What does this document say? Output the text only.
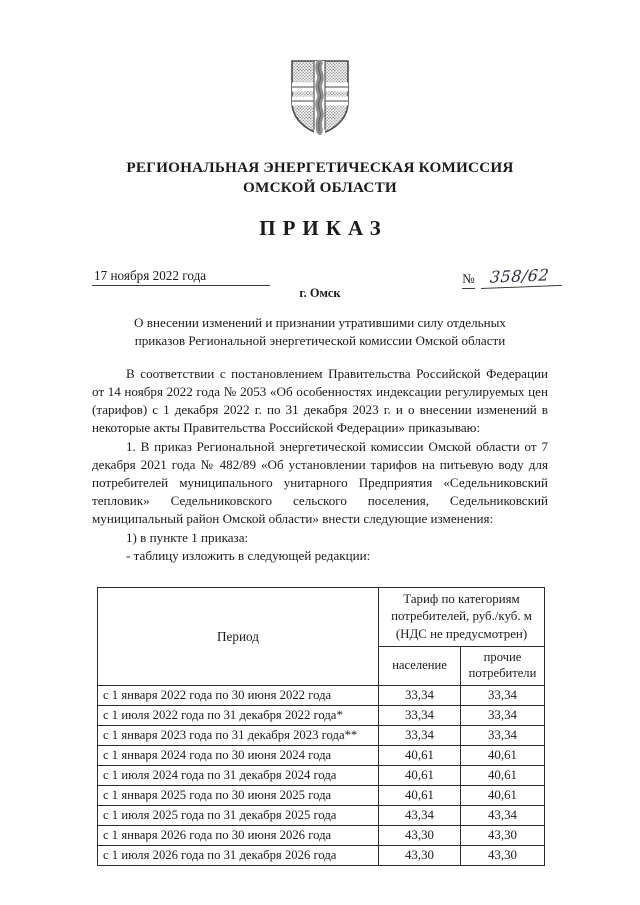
РЕГИОНАЛЬНАЯ ЭНЕРГЕТИЧЕСКАЯ КОМИССИЯ
ОМСКОЙ ОБЛАСТИ
ПРИКАЗ
17 ноября 2022 года
г. Омск
№ 358/62

О внесении изменений и признании утратившими силу отдельных
приказов Региональной энергетической комиссии Омской области

В соответствии с постановлением Правительства Российской Федерации от 14 ноября 2022 года № 2053 «Об особенностях индексации регулируемых цен (тарифов) с 1 декабря 2022 г. по 31 декабря 2023 г. и о внесении изменений в некоторые акты Правительства Российской Федерации» приказываю:

1. В приказ Региональной энергетической комиссии Омской области от 7 декабря 2021 года № 482/89 «Об установлении тарифов на питьевую воду для потребителей муниципального унитарного Предприятия «Седельниковский тепловик» Седельниковского сельского поселения, Седельниковский муниципальный район Омской области» внести следующие изменения:

1) в пункте 1 приказа:

- таблицу изложить в следующей редакции:

Период	Тариф по категориям
потребителей, руб./куб. м
(НДС не предусмотрен)	
	население	прочие
потребители
с 1 января 2022 года по 30 июня 2022 года	33,34	33,34
с 1 июля 2022 года по 31 декабря 2022 года*	33,34	33,34
с 1 января 2023 года по 31 декабря 2023 года**	33,34	33,34
с 1 января 2024 года по 30 июня 2024 года	40,61	40,61
с 1 июля 2024 года по 31 декабря 2024 года	40,61	40,61
с 1 января 2025 года по 30 июня 2025 года	40,61	40,61
с 1 июля 2025 года по 31 декабря 2025 года	43,34	43,34
с 1 января 2026 года по 30 июня 2026 года	43,30	43,30
с 1 июля 2026 года по 31 декабря 2026 года	43,30	43,30
